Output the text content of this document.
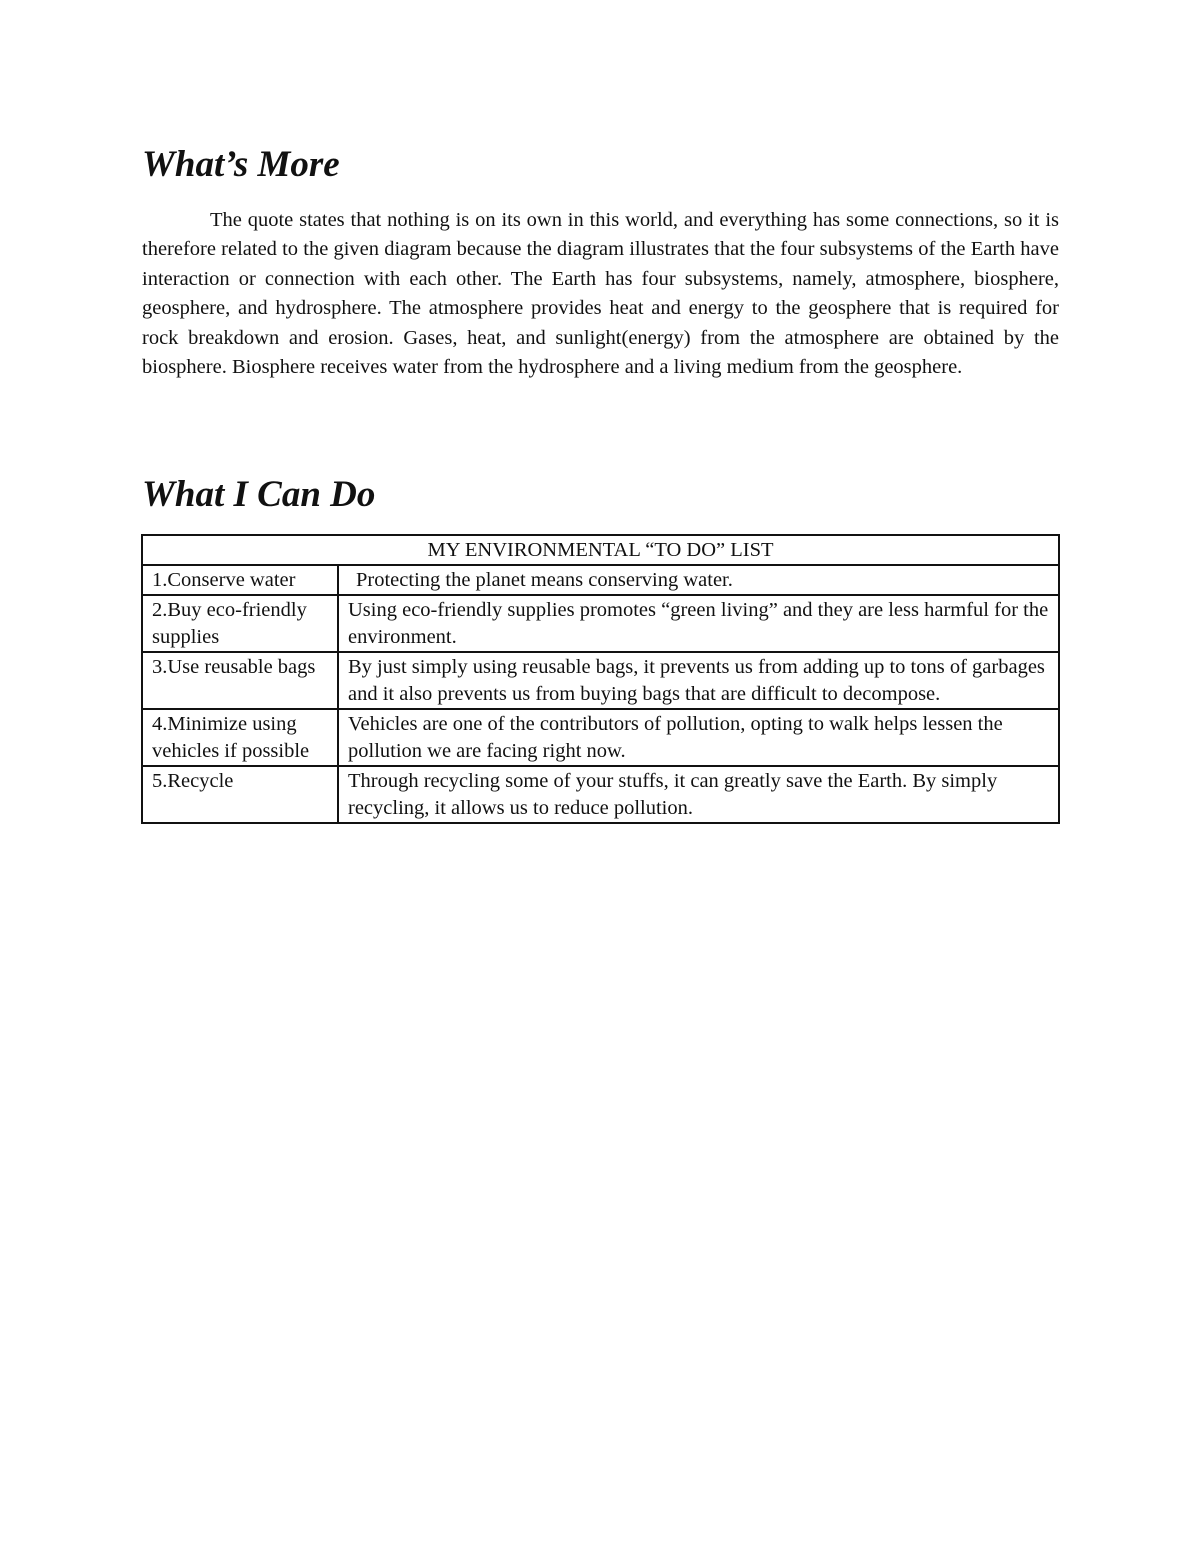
What’s More

The quote states that nothing is on its own in this world, and everything has some connections, so it is therefore related to the given diagram because the diagram illustrates that the four subsystems of the Earth have interaction or connection with each other. The Earth has four subsystems, namely, atmosphere, biosphere, geosphere, and hydrosphere. The atmosphere provides heat and energy to the geosphere that is required for rock breakdown and erosion. Gases, heat, and sunlight(energy) from the atmosphere are obtained by the biosphere. Biosphere receives water from the hydrosphere and a living medium from the geosphere.

What I Can Do
MY ENVIRONMENTAL “TO DO” LIST	
1.Conserve water	Protecting the planet means conserving water.
2.Buy eco-friendly supplies	Using eco-friendly supplies promotes “green living” and they are less harmful for the environment.
3.Use reusable bags	By just simply using reusable bags, it prevents us from adding up to tons of garbages and it also prevents us from buying bags that are difficult to decompose.
4.Minimize using vehicles if possible	Vehicles are one of the contributors of pollution, opting to walk helps lessen the pollution we are facing right now.
5.Recycle	Through recycling some of your stuffs, it can greatly save the Earth. By simply recycling, it allows us to reduce pollution.
